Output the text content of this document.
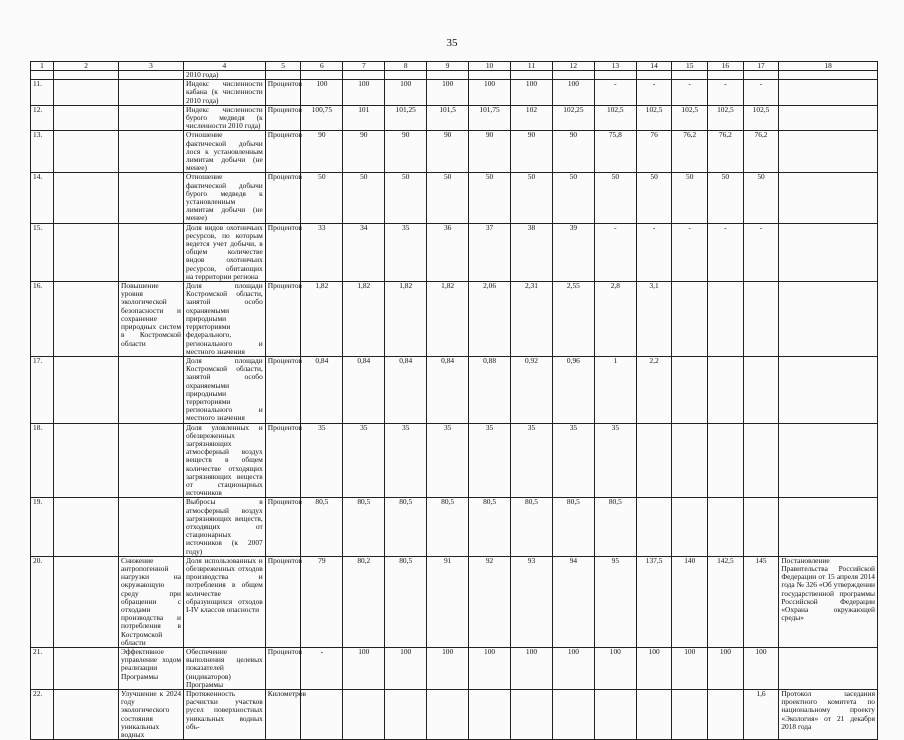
35
1	2	3	4	5	6	7	8	9	10	11	12	13	14	15	16	17	18
			2010 года)														
11.			Индекс численности кабана (к численности 2010 года)	Процентов	100	100	100	100	100	100	100	-	-	-	-	-	
12.			Индекс численности бурого медведя (к численности 2010 года)	Процентов	100,75	101	101,25	101,5	101,75	102	102,25	102,5	102,5	102,5	102,5	102,5	
13.			Отношение фактической добычи лося к установленным лимитам добычи (не менее)	Процентов	90	90	90	90	90	90	90	75,8	76	76,2	76,2	76,2	
14.			Отношение фактической добычи бурого медведя к установленным лимитам добычи (не менее)	Процентов	50	50	50	50	50	50	50	50	50	50	50	50	
15.			Доля видов охотничьих ресурсов, по которым ведется учет добычи, в общем количестве видов охотничьих ресурсов, обитающих на территории региона	Процентов	33	34	35	36	37	38	39	-	-	-	-	-	
16.		Повышение уровня экологической безопасности и сохранение природных систем в Костромской области	Доля площади Костромской области, занятой особо охраняемыми природными территориями федерального, регионального и местного значения	Процентов	1,82	1,82	1,82	1,82	2,06	2,31	2,55	2,8	3,1				
17.			Доля площади Костромской области, занятой особо охраняемыми природными территориями регионального и местного значения	Процентов	0,84	0,84	0,84	0,84	0,88	0,92	0,96	1	2,2				
18.			Доля уловленных и обезвреженных загрязняющих атмосферный воздух веществ в общем количестве отходящих загрязняющих веществ от стационарных источников	Процентов	35	35	35	35	35	35	35	35					
19.			Выбросы в атмосферный воздух загрязняющих веществ, отходящих от стационарных источников (к 2007 году)	Процентов	80,5	80,5	80,5	80,5	80,5	80,5	80,5	80,5					
20.		Снижение антропогенной нагрузки на окружающую среду при обращении с отходами производства и потребления в Костромской области	Доля использованных и обезвреженных отходов производства и потребления в общем количестве образующихся отходов I-IV классов опасности	Процентов	79	80,2	80,5	91	92	93	94	95	137,5	140	142,5	145	Постановление Правительства Российской Федерации от 15 апреля 2014 года № 326 «Об утверждении государственной программы Российской Федерации «Охрана окружающей среды»
21.		Эффективное управление ходом реализации Программы	Обеспечение выполнения целевых показателей (индикаторов) Программы	Процентов	-	100	100	100	100	100	100	100	100	100	100	100	
22.		Улучшение к 2024 году экологического состояния уникальных водных	Протяженность расчистки участков русел поверхностных уникальных водных объ-	Километров												1,6	Протокол заседания проектного комитета по национальному проекту «Экология» от 21 декабря 2018 года
